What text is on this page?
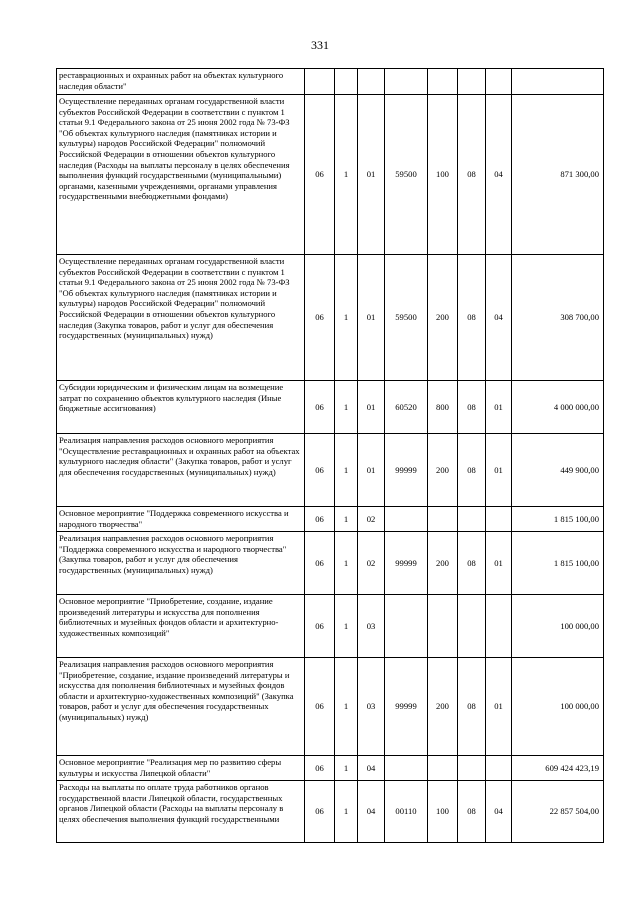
331
реставрационных и охранных работ на объектах культурного наследия области"								
Осуществление переданных органам государственной власти субъектов Российской Федерации в соответствии с пунктом 1 статьи 9.1 Федерального закона от 25 июня 2002 года № 73-ФЗ "Об объектах культурного наследия (памятниках истории и культуры) народов Российской Федерации" полномочий Российской Федерации в отношении объектов культурного наследия (Расходы на выплаты персоналу в целях обеспечения выполнения функций государственными (муниципальными) органами, казенными учреждениями, органами управления государственными внебюджетными фондами)	06	1	01	59500	100	08	04	871 300,00
Осуществление переданных органам государственной власти субъектов Российской Федерации в соответствии с пунктом 1 статьи 9.1 Федерального закона от 25 июня 2002 года № 73-ФЗ "Об объектах культурного наследия (памятниках истории и культуры) народов Российской Федерации" полномочий Российской Федерации в отношении объектов культурного наследия (Закупка товаров, работ и услуг для обеспечения государственных (муниципальных) нужд)	06	1	01	59500	200	08	04	308 700,00
Субсидии юридическим и физическим лицам на возмещение затрат по сохранению объектов культурного наследия (Иные бюджетные ассигнования)	06	1	01	60520	800	08	01	4 000 000,00
Реализация направления расходов основного мероприятия "Осуществление реставрационных и охранных работ на объектах культурного наследия области" (Закупка товаров, работ и услуг для обеспечения государственных (муниципальных) нужд)	06	1	01	99999	200	08	01	449 900,00
Основное мероприятие "Поддержка современного искусства и народного творчества"	06	1	02					1 815 100,00
Реализация направления расходов основного мероприятия "Поддержка современного искусства и народного творчества" (Закупка товаров, работ и услуг для обеспечения государственных (муниципальных) нужд)	06	1	02	99999	200	08	01	1 815 100,00
Основное мероприятие "Приобретение, создание, издание произведений литературы и искусства для пополнения библиотечных и музейных фондов области и архитектурно-художественных композиций"	06	1	03					100 000,00
Реализация направления расходов основного мероприятия "Приобретение, создание, издание произведений литературы и искусства для пополнения библиотечных и музейных фондов области и архитектурно-художественных композиций" (Закупка товаров, работ и услуг для обеспечения государственных (муниципальных) нужд)	06	1	03	99999	200	08	01	100 000,00
Основное мероприятие "Реализация мер по развитию сферы культуры и искусства Липецкой области"	06	1	04					609 424 423,19
Расходы на выплаты по оплате труда работников органов государственной власти Липецкой области, государственных органов Липецкой области (Расходы на выплаты персоналу в целях обеспечения выполнения функций государственными	06	1	04	00110	100	08	04	22 857 504,00
